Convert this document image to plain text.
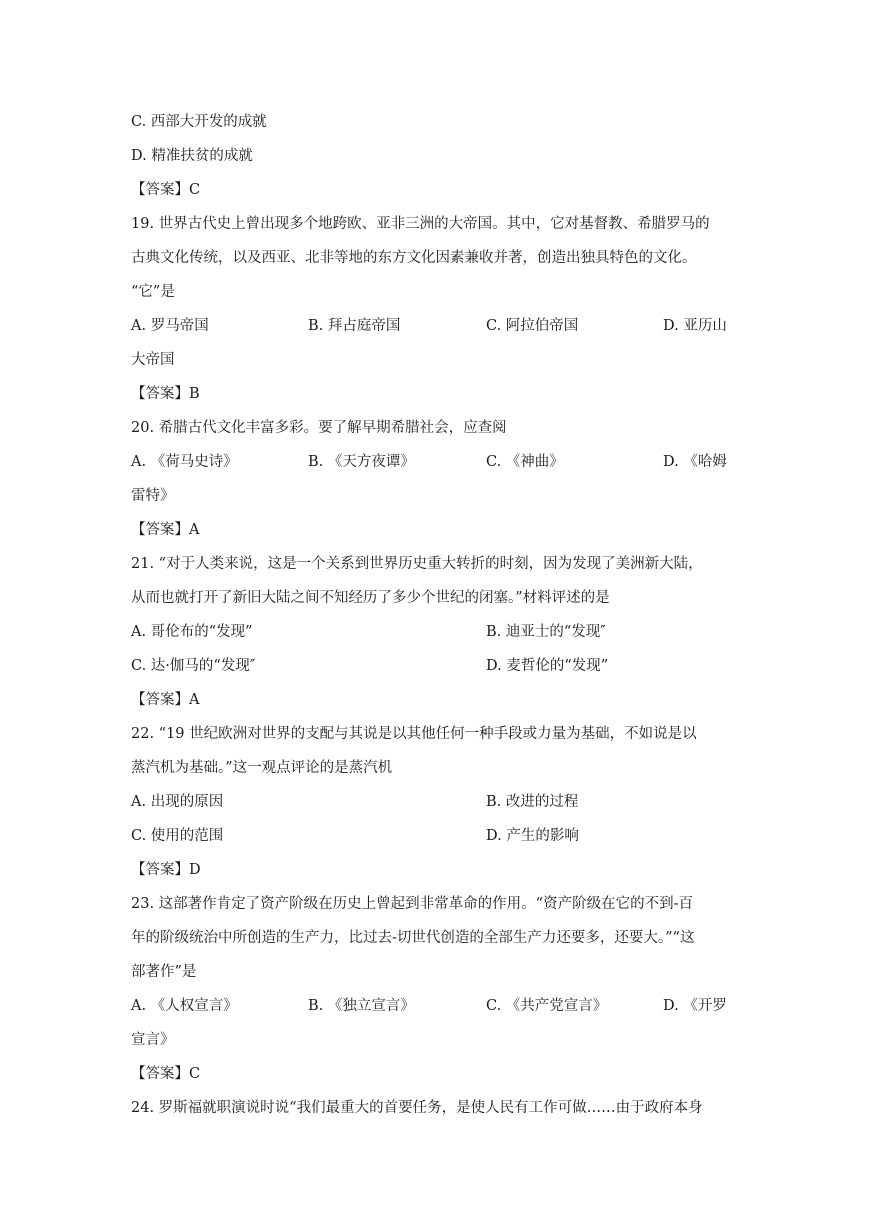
C. 西部大开发的成就
D. 精准扶贫的成就
【答案】C
19. 世界古代史上曾出现多个地跨欧、亚非三洲的大帝国。其中，它对基督教、希腊罗马的
古典文化传统，以及西亚、北非等地的东方文化因素兼收并著，创造出独具特色的文化。
“它”是
A. 罗马帝国	B. 拜占庭帝国	C. 阿拉伯帝国	D. 亚历山
大帝国
【答案】B
20. 希腊古代文化丰富多彩。要了解早期希腊社会，应查阅
A. 《荷马史诗》	B. 《天方夜谭》	C. 《神曲》	D. 《哈姆
雷特》
【答案】A
21. “对于人类来说，这是一个关系到世界历史重大转折的时刻，因为发现了美洲新大陆，
从而也就打开了新旧大陆之间不知经历了多少个世纪的闭塞。”材料评述的是
A. 哥伦布的“发现”	B. 迪亚士的“发现″
C. 达·伽马的“发现″	D. 麦哲伦的“发现”
【答案】A
22. “19 世纪欧洲对世界的支配与其说是以其他任何一种手段或力量为基础，不如说是以
蒸汽机为基础。”这一观点评论的是蒸汽机
A. 出现的原因	B. 改进的过程
C. 使用的范围	D. 产生的影响
【答案】D
23. 这部著作肯定了资产阶级在历史上曾起到非常革命的作用。“资产阶级在它的不到-百
年的阶级统治中所创造的生产力，比过去-切世代创造的全部生产力还要多，还要大。”“这
部著作”是
A. 《人权宣言》	B. 《独立宣言》	C. 《共产党宣言》	D. 《开罗
宣言》
【答案】C
24. 罗斯福就职演说时说“我们最重大的首要任务，是使人民有工作可做……由于政府本身
